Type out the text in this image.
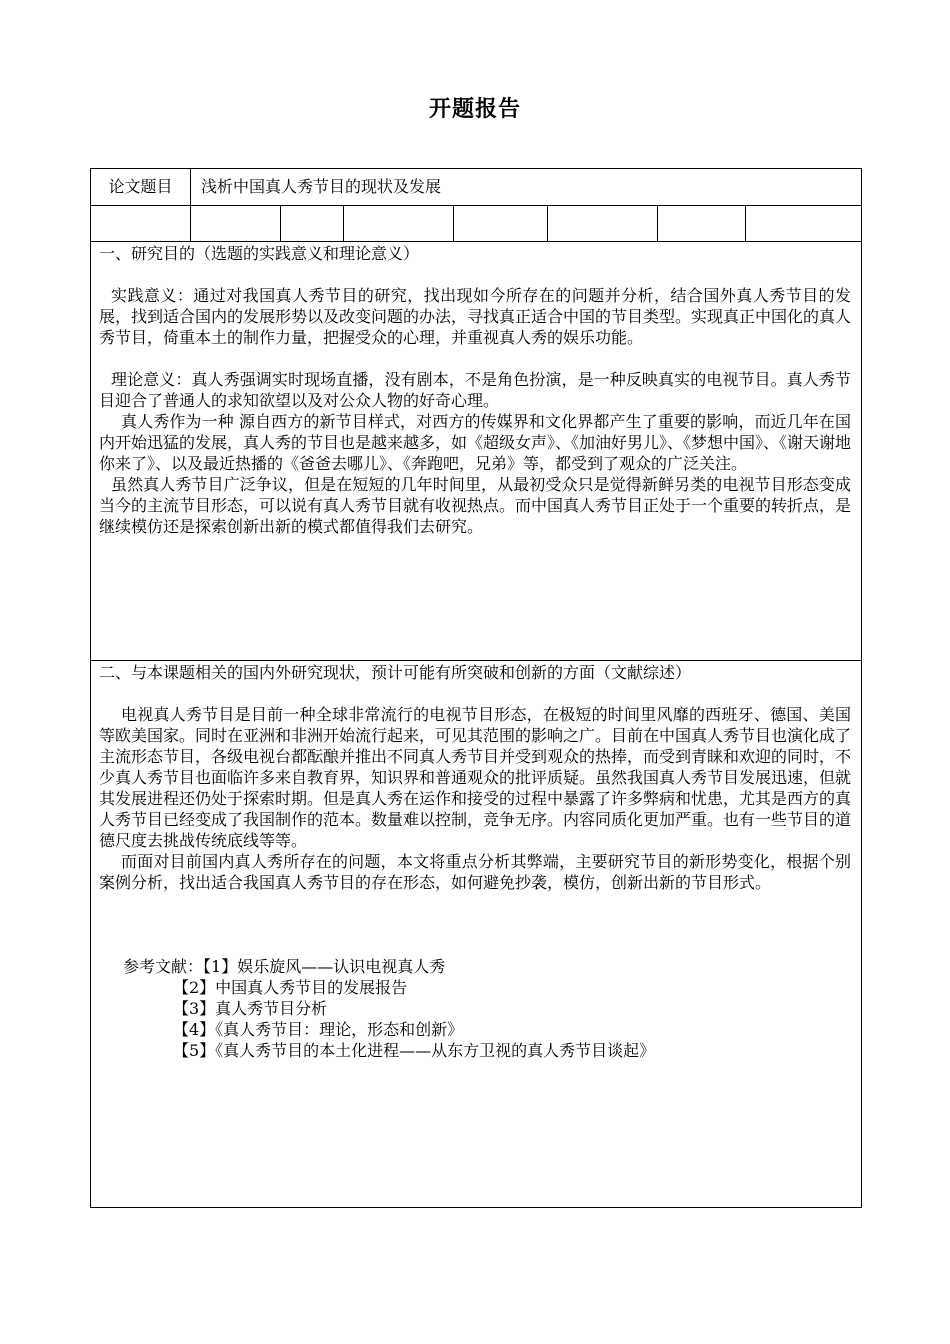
开题报告
论文题目	浅析中国真人秀节目的现状及发展

一、研究目的（选题的实践意义和理论意义）

实践意义：通过对我国真人秀节目的研究，找出现如今所存在的问题并分析，结合国外真人秀节目的发展，找到适合国内的发展形势以及改变问题的办法，寻找真正适合中国的节目类型。实现真正中国化的真人秀节目，倚重本土的制作力量，把握受众的心理，并重视真人秀的娱乐功能。

理论意义：真人秀强调实时现场直播，没有剧本，不是角色扮演，是一种反映真实的电视节目。真人秀节目迎合了普通人的求知欲望以及对公众人物的好奇心理。

真人秀作为一种 源自西方的新节目样式，对西方的传媒界和文化界都产生了重要的影响，而近几年在国内开始迅猛的发展，真人秀的节目也是越来越多，如《超级女声》、《加油好男儿》、《梦想中国》、《谢天谢地你来了》、以及最近热播的《爸爸去哪儿》、《奔跑吧，兄弟》等，都受到了观众的广泛关注。

虽然真人秀节目广泛争议，但是在短短的几年时间里，从最初受众只是觉得新鲜另类的电视节目形态变成当今的主流节目形态，可以说有真人秀节目就有收视热点。而中国真人秀节目正处于一个重要的转折点，是继续模仿还是探索创新出新的模式都值得我们去研究。

二、与本课题相关的国内外研究现状，预计可能有所突破和创新的方面（文献综述）

电视真人秀节目是目前一种全球非常流行的电视节目形态，在极短的时间里风靡的西班牙、德国、美国等欧美国家。同时在亚洲和非洲开始流行起来，可见其范围的影响之广。目前在中国真人秀节目也演化成了主流形态节目，各级电视台都酝酿并推出不同真人秀节目并受到观众的热捧，而受到青睐和欢迎的同时，不少真人秀节目也面临许多来自教育界，知识界和普通观众的批评质疑。虽然我国真人秀节目发展迅速，但就其发展进程还仍处于探索时期。但是真人秀在运作和接受的过程中暴露了许多弊病和忧患，尤其是西方的真人秀节目已经变成了我国制作的范本。数量难以控制，竞争无序。内容同质化更加严重。也有一些节目的道德尺度去挑战传统底线等等。

而面对目前国内真人秀所存在的问题，本文将重点分析其弊端，主要研究节目的新形势变化，根据个别案例分析，找出适合我国真人秀节目的存在形态，如何避免抄袭，模仿，创新出新的节目形式。

参考文献：【1】娱乐旋风——认识电视真人秀
【2】中国真人秀节目的发展报告
【3】真人秀节目分析
【4】《真人秀节目：理论，形态和创新》
【5】《真人秀节目的本土化进程——从东方卫视的真人秀节目谈起》
